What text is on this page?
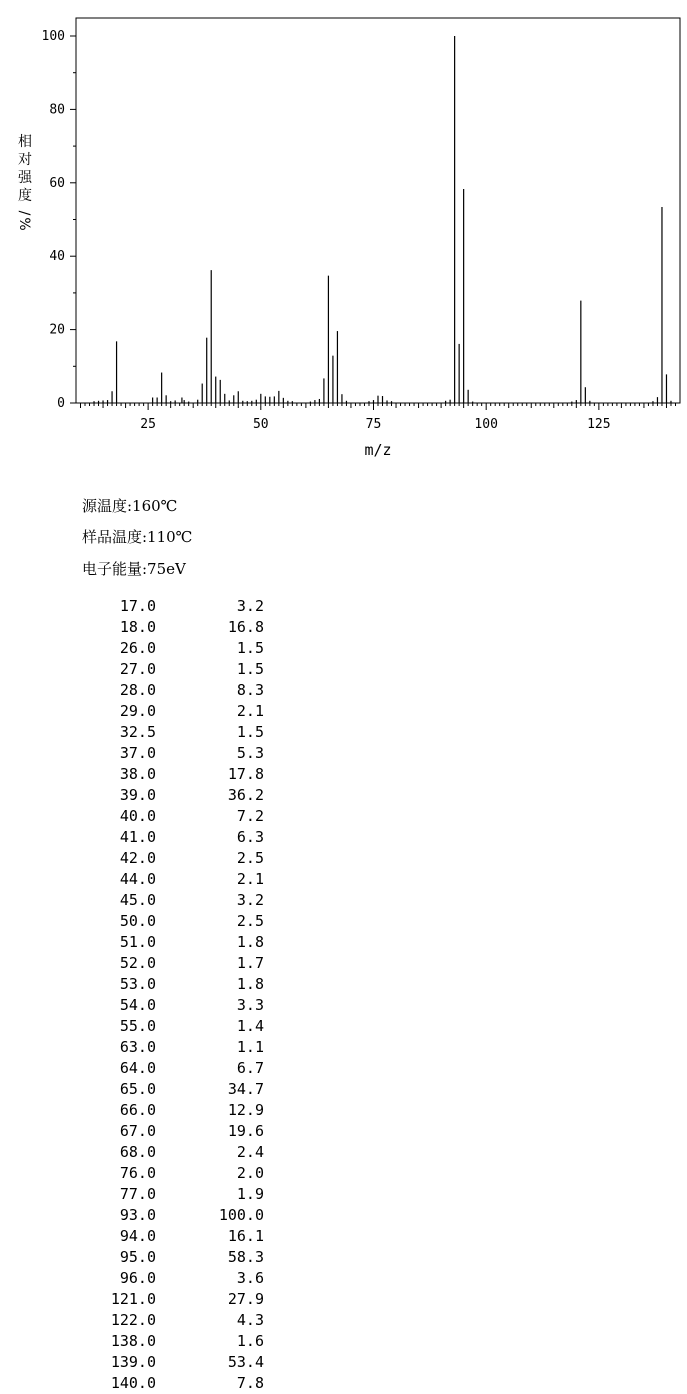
0
20
40
60
80
100
25	50	75	100	125
m/z
相
对
强
度
/
%
源温度:160℃
样品温度:110℃
电子能量:75eV
17.0	3.2
18.0	16.8
26.0	1.5
27.0	1.5
28.0	8.3
29.0	2.1
32.5	1.5
37.0	5.3
38.0	17.8
39.0	36.2
40.0	7.2
41.0	6.3
42.0	2.5
44.0	2.1
45.0	3.2
50.0	2.5
51.0	1.8
52.0	1.7
53.0	1.8
54.0	3.3
55.0	1.4
63.0	1.1
64.0	6.7
65.0	34.7
66.0	12.9
67.0	19.6
68.0	2.4
76.0	2.0
77.0	1.9
93.0	100.0
94.0	16.1
95.0	58.3
96.0	3.6
121.0	27.9
122.0	4.3
138.0	1.6
139.0	53.4
140.0	7.8
